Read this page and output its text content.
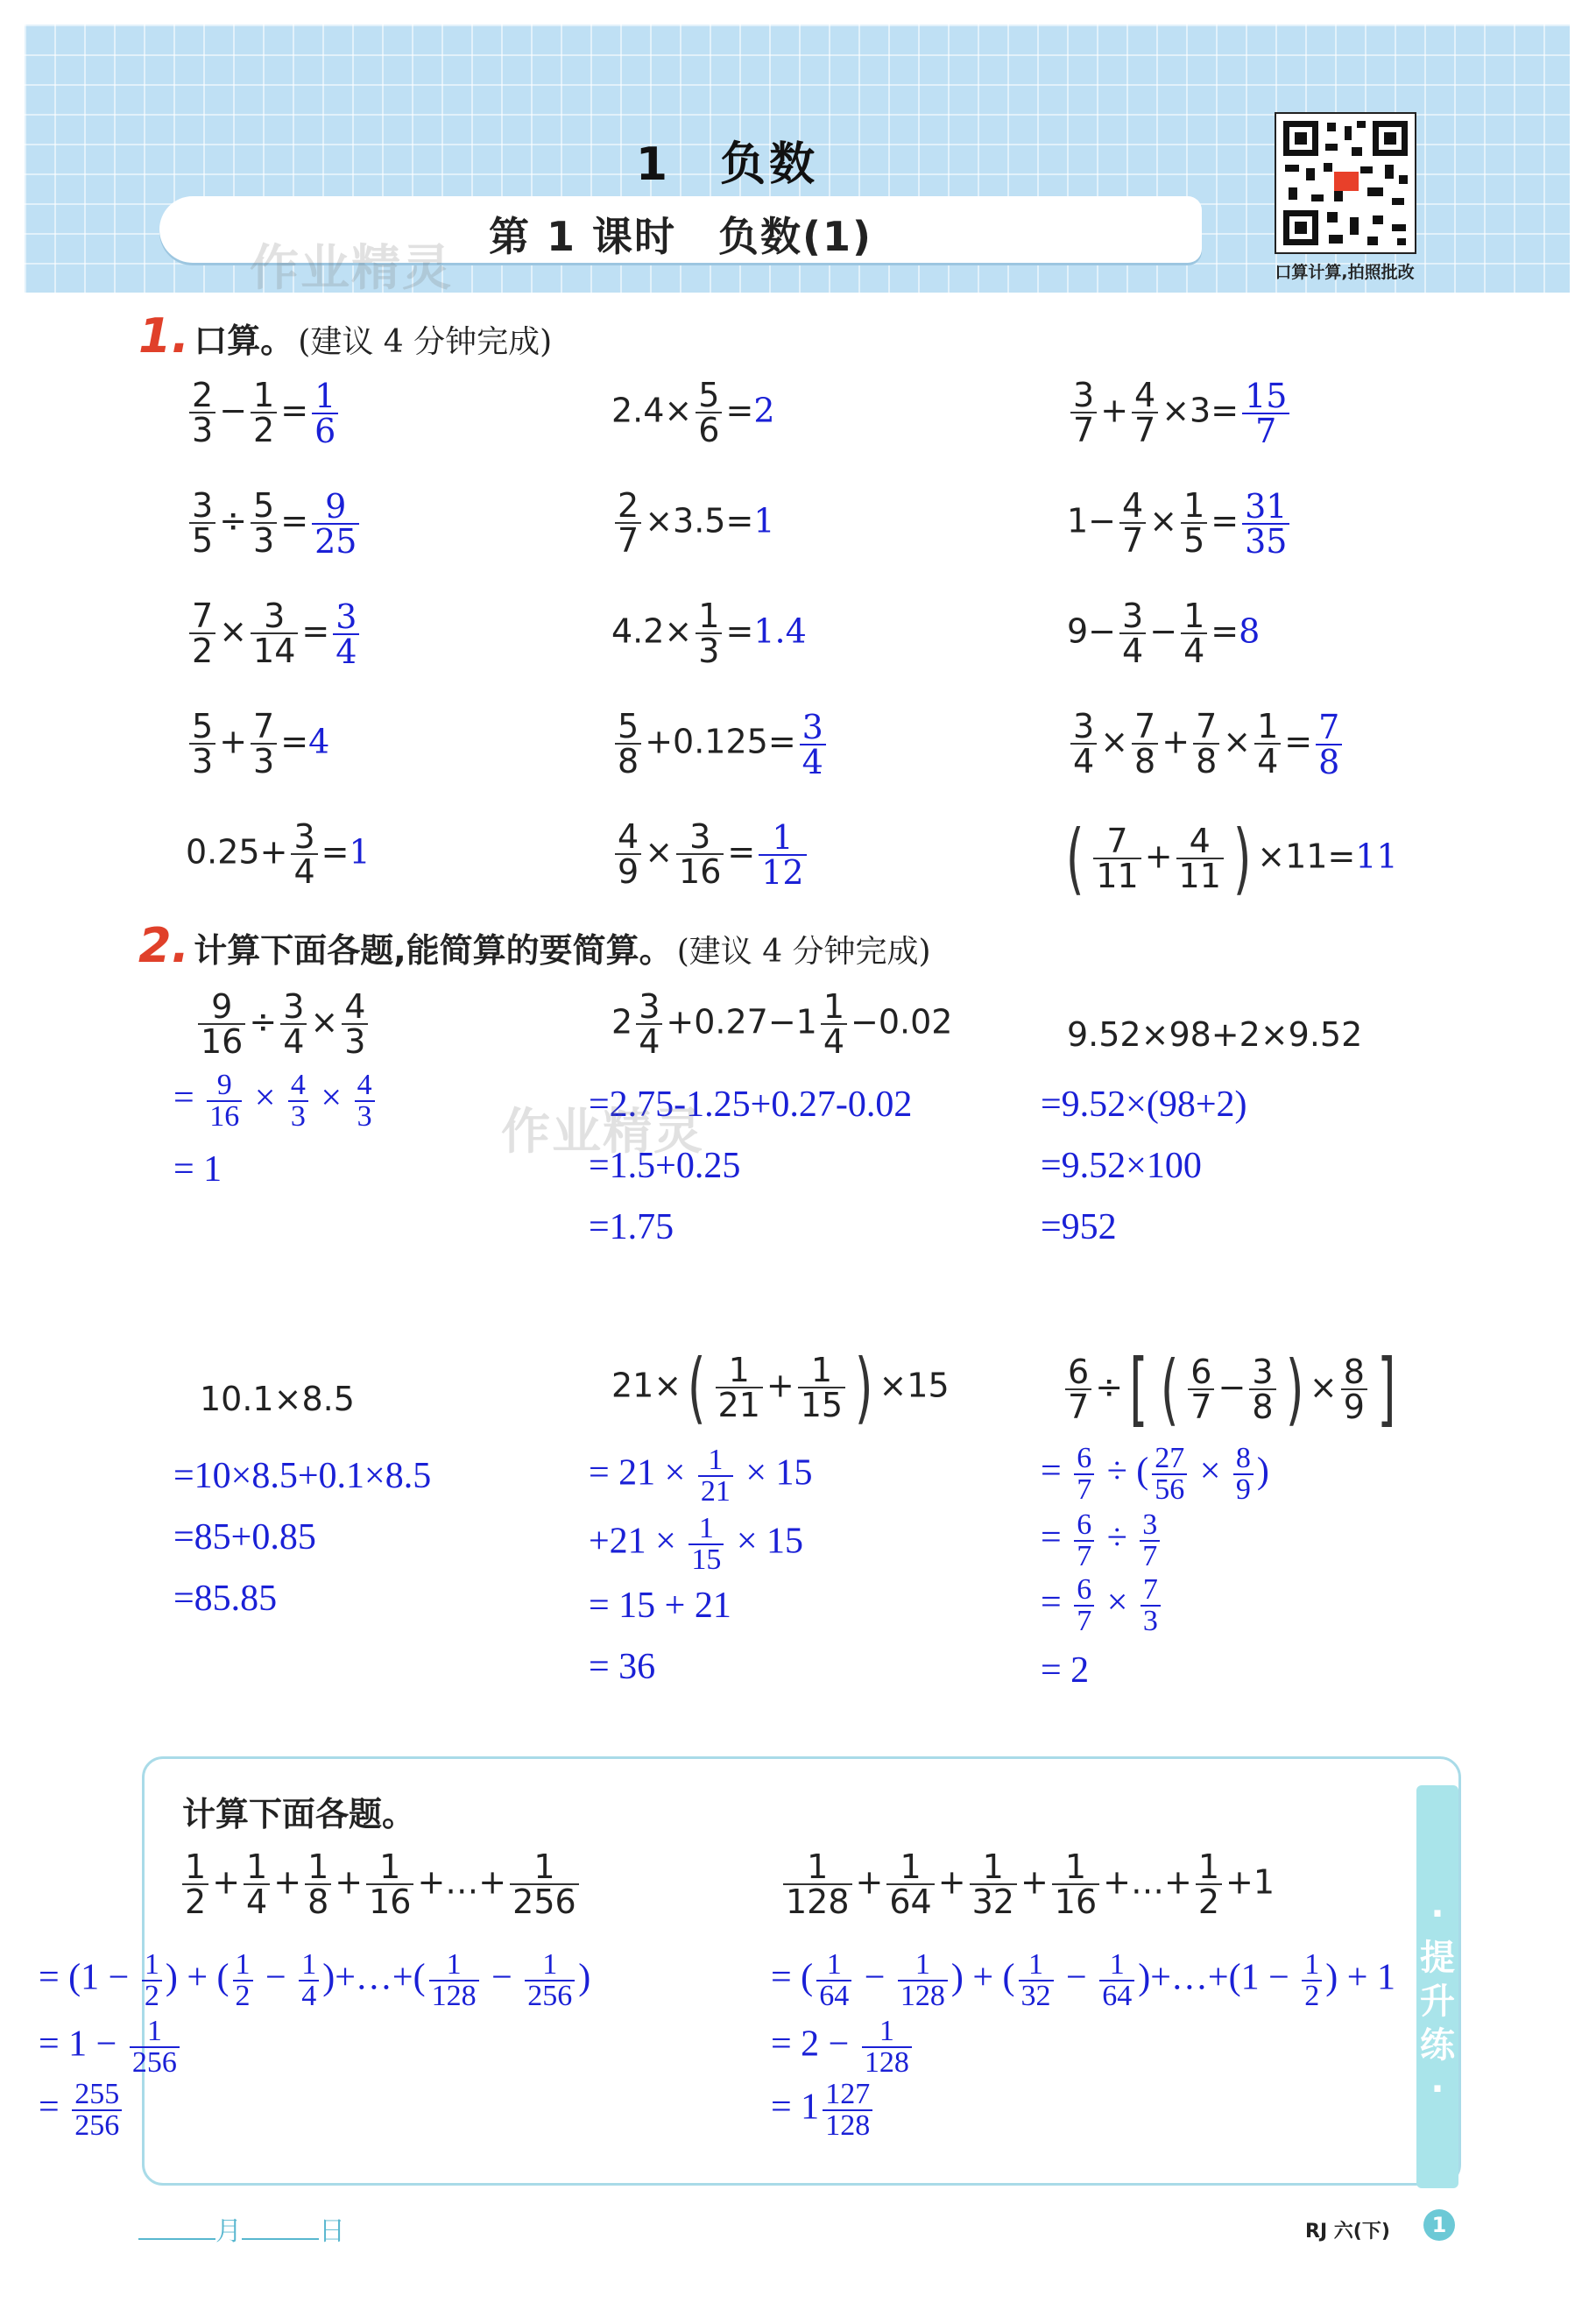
1　负数
第 1 课时　负数(1)
口算计算,拍照批改
作业精灵
1. 口算。 (建议 4 分钟完成)
$\frac{2}{3} - \frac{1}{2} = \frac{1}{6}$	$2.4\times \frac{5}{6} =2$	$\frac{3}{7} + \frac{4}{7} \times 3= \frac{15}{7}$
$\frac{3}{5} \div \frac{5}{3} = \frac{9}{25}$	$\frac{2}{7} \times 3.5=1$	$1- \frac{4}{7} \times \frac{1}{5} = \frac{31}{35}$
$\frac{7}{2} \times \frac{3}{14} = \frac{3}{4}$	$4.2\times \frac{1}{3} =1.4$	$9- \frac{3}{4} - \frac{1}{4} =8$
$\frac{5}{3} + \frac{7}{3} =4$	$\frac{5}{8} +0.125= \frac{3}{4}$	$\frac{3}{4} \times \frac{7}{8} + \frac{7}{8} \times \frac{1}{4} = \frac{7}{8}$
$0.25+ \frac{3}{4} =1$	$\frac{4}{9} \times \frac{3}{16} = \frac{1}{12}$	( $\frac{7}{11} + \frac{4}{11}$ ) ×11=11
2. 计算下面各题,能简算的要简算。 (建议 4 分钟完成)
$\frac{9}{16} \div \frac{3}{4} \times \frac{4}{3}$
= $\frac{9}{16} \times \frac{4}{3} \times \frac{4}{3}$
= 1
$2 \frac{3}{4} +0.27-1 \frac{1}{4} -0.02$
=2.75-1.25+0.27-0.02
=1.5+0.25
=1.75
9.52×98+2×9.52
=9.52×(98+2)
=9.52×100
=952
作业精灵
10.1×8.5
=10×8.5+0.1×8.5
=85+0.85
=85.85
$21\times( \frac{1}{21} + \frac{1}{15}$ ) ×15
= $21 \times \frac{1}{21} \times 15$
$+21 \times \frac{1}{15} \times 15$
= 15 + 21
= 36
$\frac{6}{7}$ ÷[ ( $\frac{6}{7} - \frac{3}{8}$ ) × $\frac{8}{9}$ ]
= $\frac{6}{7}$ ÷ ( $\frac{27}{56} \times \frac{8}{9}$ )
= $\frac{6}{7} \div \frac{3}{7}$
= $\frac{6}{7} \times \frac{7}{3}$
= 2
·提升练·
计算下面各题。
$\frac{1}{2} + \frac{1}{4} + \frac{1}{8} + \frac{1}{16}$ +…+ $\frac{1}{256}$
= ($1 - \frac{1}{2}$ ) + ( $\frac{1}{2} - \frac{1}{4}$ )+…+( $\frac{1}{128} - \frac{1}{256}$ )
= $1 - \frac{1}{256}$
= $\frac{255}{256}$
$\frac{1}{128} + \frac{1}{64} + \frac{1}{32} + \frac{1}{16}$ +…+ $\frac{1}{2} +1$
= ( $\frac{1}{64} - \frac{1}{128}$ ) + ( $\frac{1}{32} - \frac{1}{64}$ )+…+(1 − $\frac{1}{2}$ ) + 1
= $2 - \frac{1}{128}$
= $1 \frac{127}{128}$
月	日	RJ 六(下)	1
